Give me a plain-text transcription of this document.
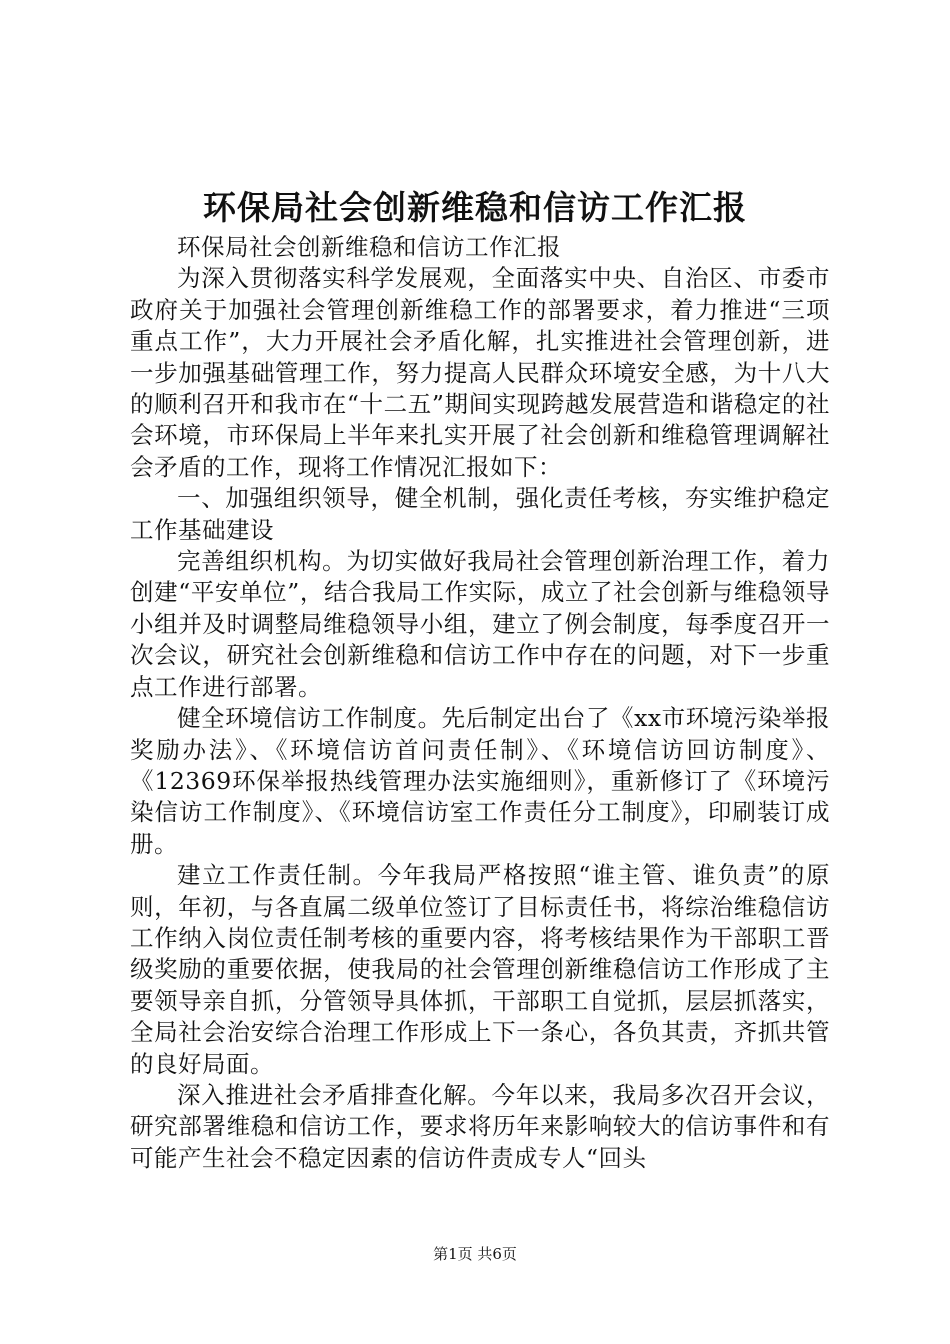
环保局社会创新维稳和信访工作汇报

环保局社会创新维稳和信访工作汇报

为深入贯彻落实科学发展观，全面落实中央、自治区、市委市政府关于加强社会管理创新维稳工作的部署要求，着力推进“三项重点工作”，大力开展社会矛盾化解，扎实推进社会管理创新，进一步加强基础管理工作，努力提高人民群众环境安全感，为十八大的顺利召开和我市在“十二五”期间实现跨越发展营造和谐稳定的社会环境，市环保局上半年来扎实开展了社会创新和维稳管理调解社会矛盾的工作，现将工作情况汇报如下：

一、加强组织领导，健全机制，强化责任考核，夯实维护稳定工作基础建设

完善组织机构。为切实做好我局社会管理创新治理工作，着力创建“平安单位”，结合我局工作实际，成立了社会创新与维稳领导小组并及时调整局维稳领导小组，建立了例会制度，每季度召开一次会议，研究社会创新维稳和信访工作中存在的问题，对下一步重点工作进行部署。

健全环境信访工作制度。先后制定出台了《xx市环境污染举报奖励办法》、《环境信访首问责任制》、《环境信访回访制度》、《12369环保举报热线管理办法实施细则》，重新修订了《环境污染信访工作制度》、《环境信访室工作责任分工制度》，印刷装订成册。

建立工作责任制。今年我局严格按照“谁主管、谁负责”的原则，年初，与各直属二级单位签订了目标责任书，将综治维稳信访工作纳入岗位责任制考核的重要内容，将考核结果作为干部职工晋级奖励的重要依据，使我局的社会管理创新维稳信访工作形成了主要领导亲自抓，分管领导具体抓，干部职工自觉抓，层层抓落实，全局社会治安综合治理工作形成上下一条心，各负其责，齐抓共管的良好局面。

深入推进社会矛盾排查化解。今年以来，我局多次召开会议，研究部署维稳和信访工作，要求将历年来影响较大的信访事件和有可能产生社会不稳定因素的信访件责成专人“回头

第1页 共6页
